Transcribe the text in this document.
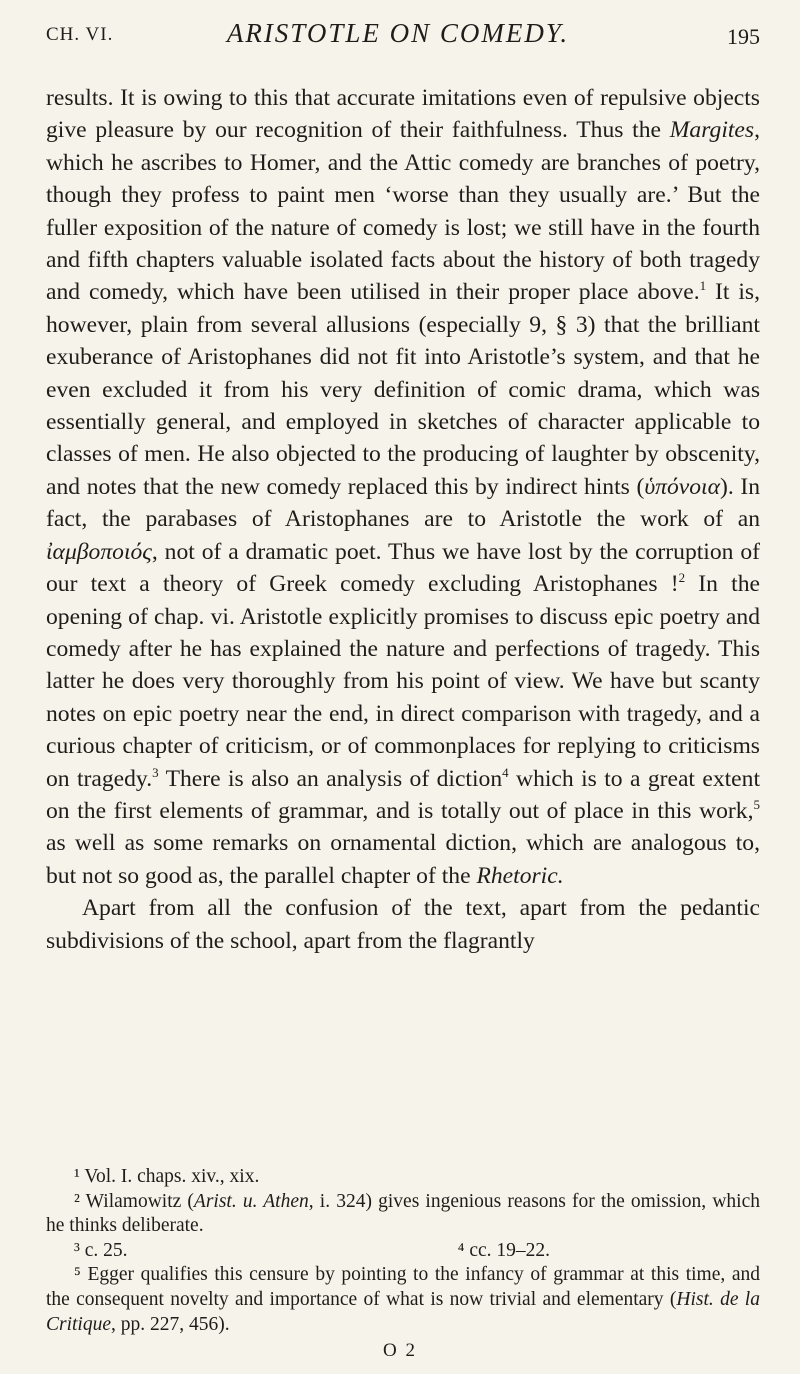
CH. VI.	ARISTOTLE ON COMEDY.	195

results. It is owing to this that accurate imitations even of repulsive objects give pleasure by our recognition of their faithfulness. Thus the Margites, which he ascribes to Homer, and the Attic comedy are branches of poetry, though they profess to paint men ‘worse than they usually are.’ But the fuller exposition of the nature of comedy is lost; we still have in the fourth and fifth chapters valuable isolated facts about the history of both tragedy and comedy, which have been utilised in their proper place above.$^1$ It is, however, plain from several allusions (especially 9, § 3) that the brilliant exuberance of Aristophanes did not fit into Aristotle’s system, and that he even excluded it from his very definition of comic drama, which was essentially general, and employed in sketches of character applicable to classes of men. He also objected to the producing of laughter by obscenity, and notes that the new comedy replaced this by indirect hints (ὑπόνοια). In fact, the parabases of Aristophanes are to Aristotle the work of an ἰαμβοποιός, not of a dramatic poet. Thus we have lost by the corruption of our text a theory of Greek comedy excluding Aristophanes !$^2$ In the opening of chap. vi. Aristotle explicitly promises to discuss epic poetry and comedy after he has explained the nature and perfections of tragedy. This latter he does very thoroughly from his point of view. We have but scanty notes on epic poetry near the end, in direct comparison with tragedy, and a curious chapter of criticism, or of commonplaces for replying to criticisms on tragedy.$^3$ There is also an analysis of diction$^4$ which is to a great extent on the first elements of grammar, and is totally out of place in this work,$^5$ as well as some remarks on ornamental diction, which are analogous to, but not so good as, the parallel chapter of the Rhetoric.

Apart from all the confusion of the text, apart from the pedantic subdivisions of the school, apart from the flagrantly

¹ Vol. I. chaps. xiv., xix.

² Wilamowitz (Arist. u. Athen, i. 324) gives ingenious reasons for the omission, which he thinks deliberate.

³ c. 25.	⁴ cc. 19–22.

⁵ Egger qualifies this censure by pointing to the infancy of grammar at this time, and the consequent novelty and importance of what is now trivial and elementary (Hist. de la Critique, pp. 227, 456).

O 2
